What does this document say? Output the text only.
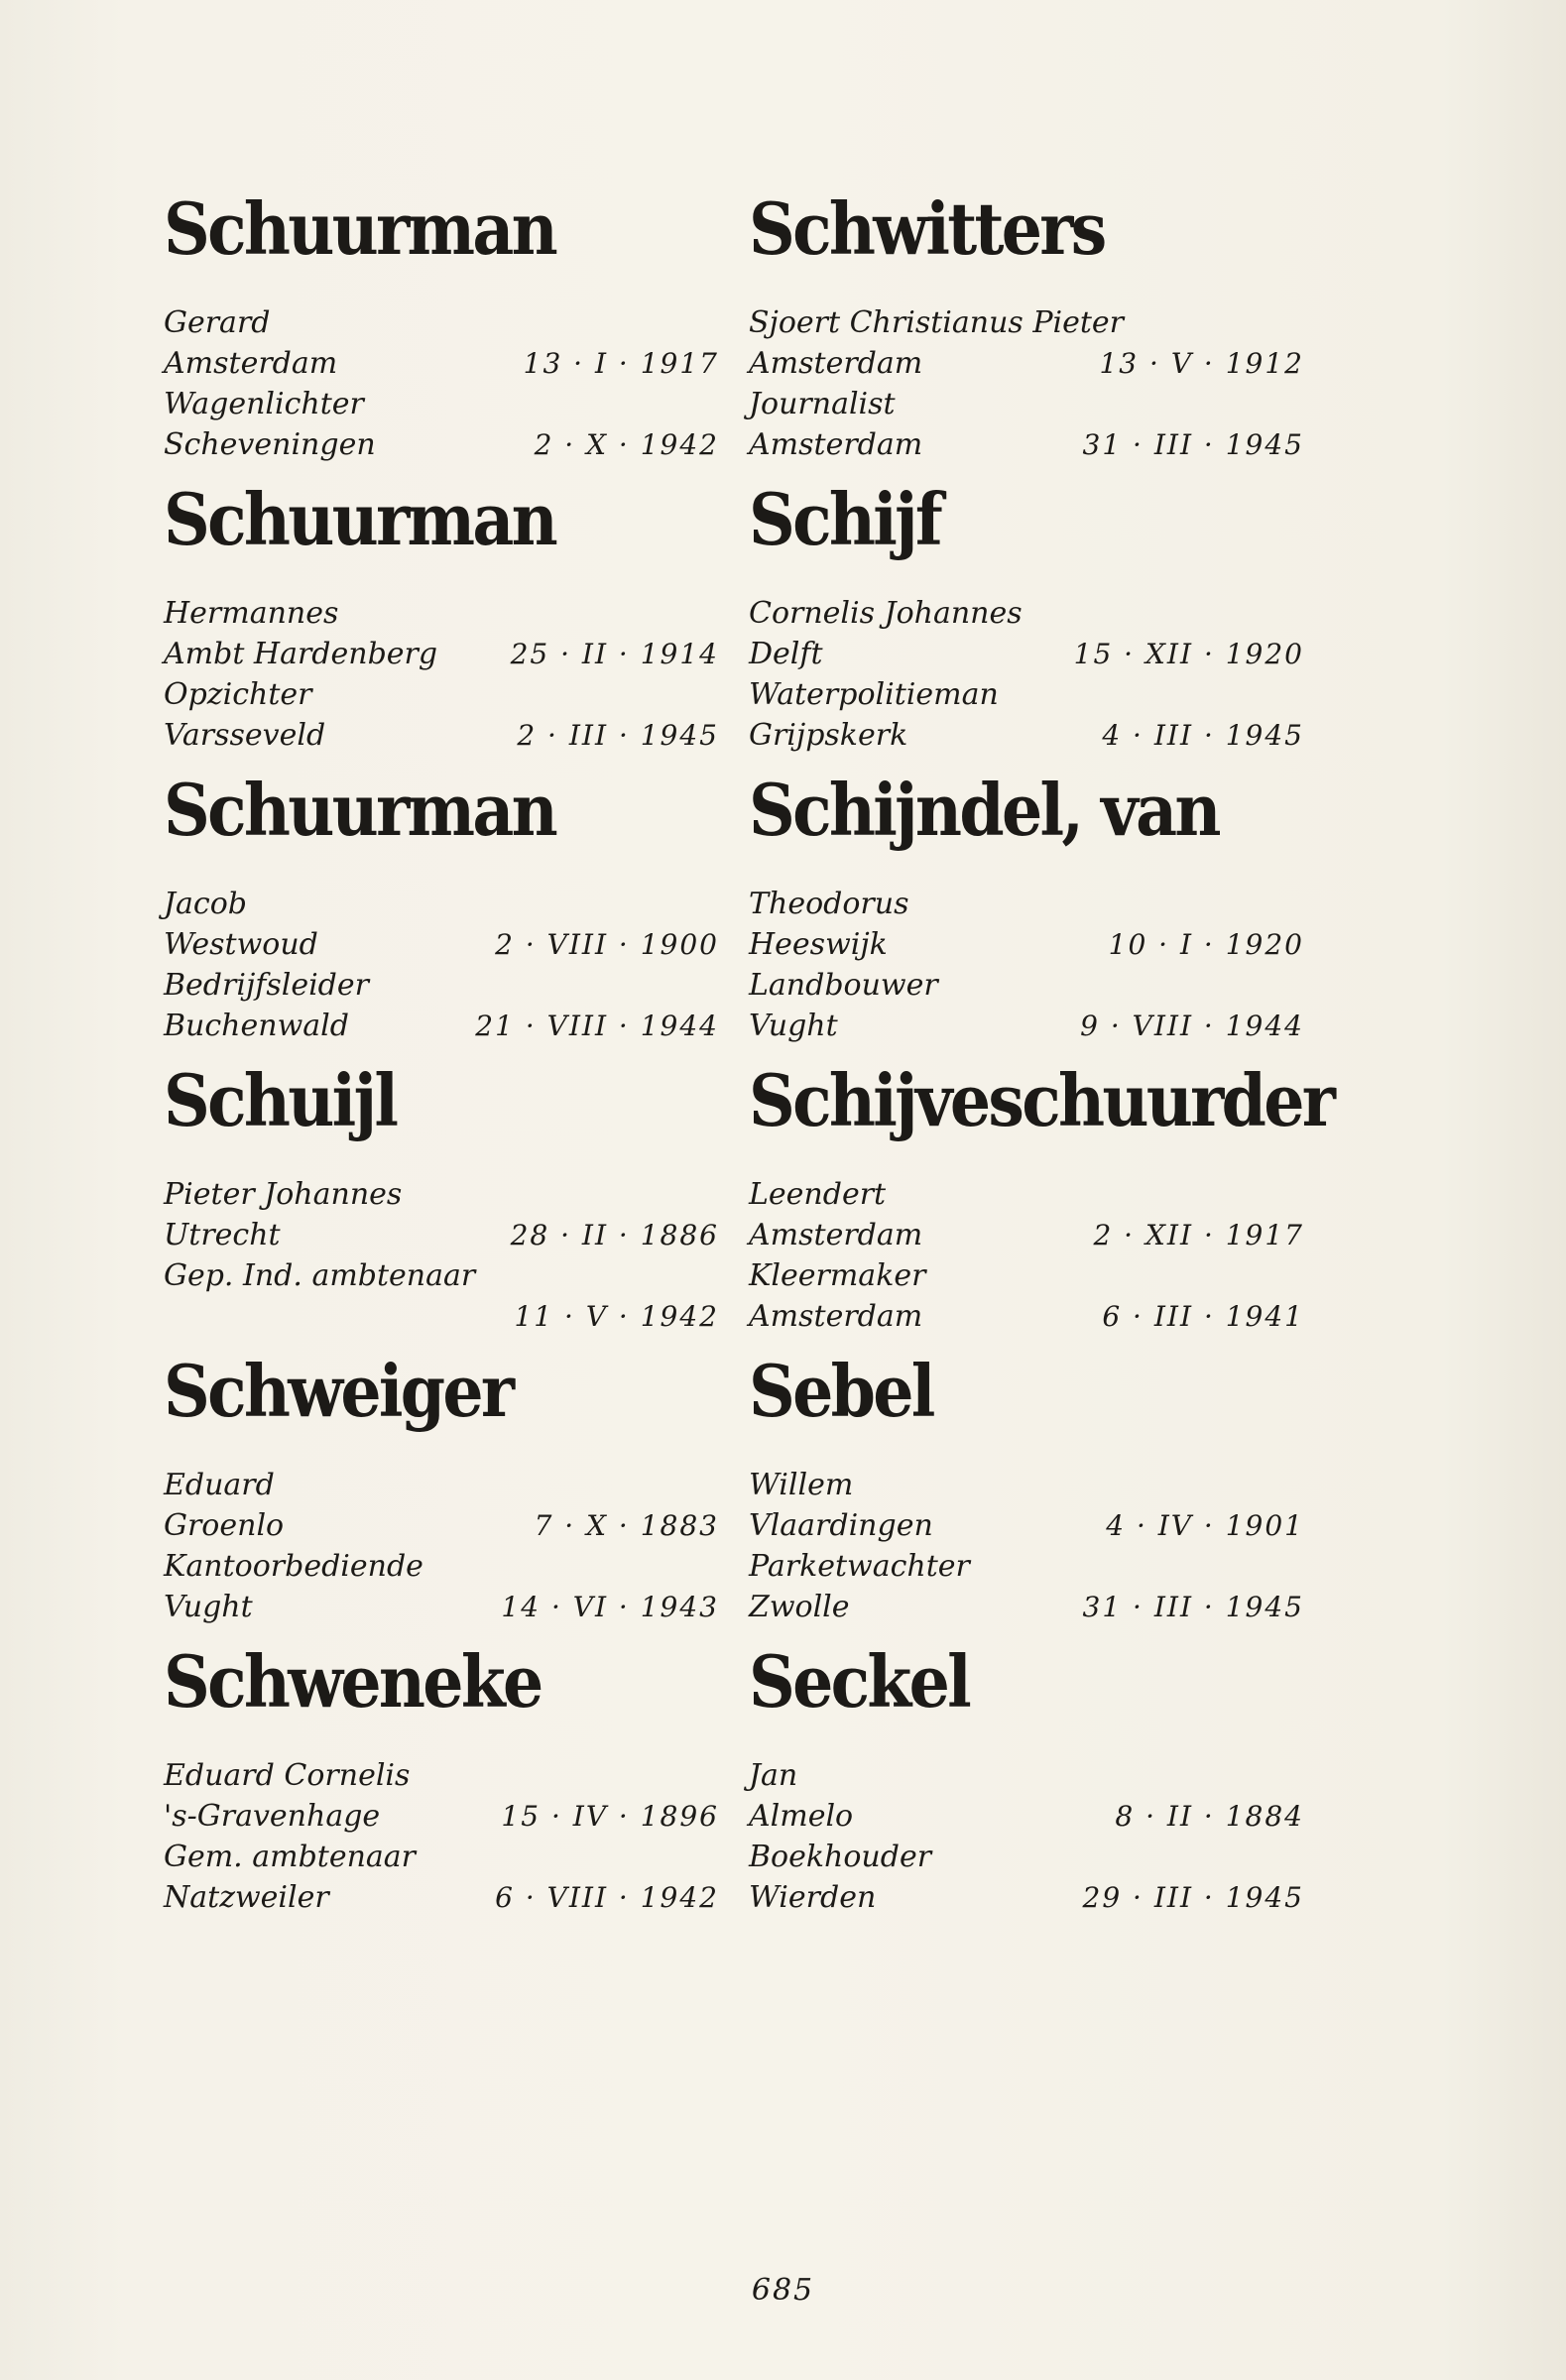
Schuurman
Gerard
Amsterdam	13 · I · 1917
Wagenlichter
Scheveningen	2 · X · 1942
Schuurman
Hermannes
Ambt Hardenberg	25 · II · 1914
Opzichter
Varsseveld	2 · III · 1945
Schuurman
Jacob
Westwoud	2 · VIII · 1900
Bedrijfsleider
Buchenwald	21 · VIII · 1944
Schuijl
Pieter Johannes
Utrecht	28 · II · 1886
Gep. Ind. ambtenaar
11 · V · 1942
Schweiger
Eduard
Groenlo	7 · X · 1883
Kantoorbediende
Vught	14 · VI · 1943
Schweneke
Eduard Cornelis
's-Gravenhage	15 · IV · 1896
Gem. ambtenaar
Natzweiler	6 · VIII · 1942
Schwitters
Sjoert Christianus Pieter
Amsterdam	13 · V · 1912
Journalist
Amsterdam	31 · III · 1945
Schijf
Cornelis Johannes
Delft	15 · XII · 1920
Waterpolitieman
Grijpskerk	4 · III · 1945
Schijndel, van
Theodorus
Heeswijk	10 · I · 1920
Landbouwer
Vught	9 · VIII · 1944
Schijveschuurder
Leendert
Amsterdam	2 · XII · 1917
Kleermaker
Amsterdam	6 · III · 1941
Sebel
Willem
Vlaardingen	4 · IV · 1901
Parketwachter
Zwolle	31 · III · 1945
Seckel
Jan
Almelo	8 · II · 1884
Boekhouder
Wierden	29 · III · 1945
685
